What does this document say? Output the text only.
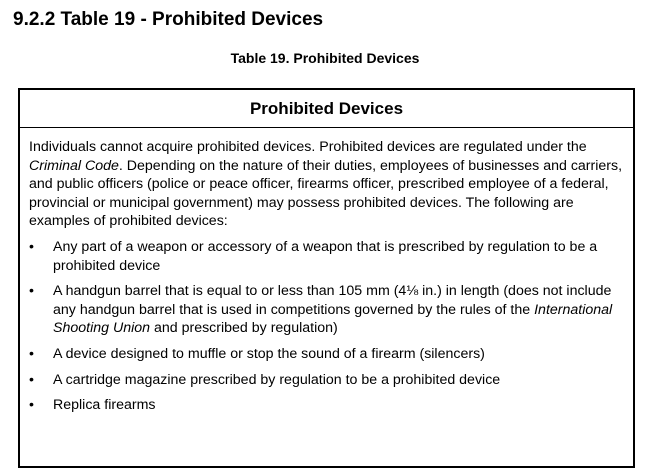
9.2.2 Table 19 - Prohibited Devices
Table 19. Prohibited Devices
Prohibited Devices

Individuals cannot acquire prohibited devices. Prohibited devices are regulated under the Criminal Code. Depending on the nature of their duties, employees of businesses and carriers, and public officers (police or peace officer, firearms officer, prescribed employee of a federal, provincial or municipal government) may possess prohibited devices. The following are examples of prohibited devices:

• Any part of a weapon or accessory of a weapon that is prescribed by regulation to be a prohibited device
• A handgun barrel that is equal to or less than 105 mm (4⅛ in.) in length (does not include any handgun barrel that is used in competitions governed by the rules of the International Shooting Union and prescribed by regulation)
• A device designed to muffle or stop the sound of a firearm (silencers)
• A cartridge magazine prescribed by regulation to be a prohibited device
• Replica firearms
